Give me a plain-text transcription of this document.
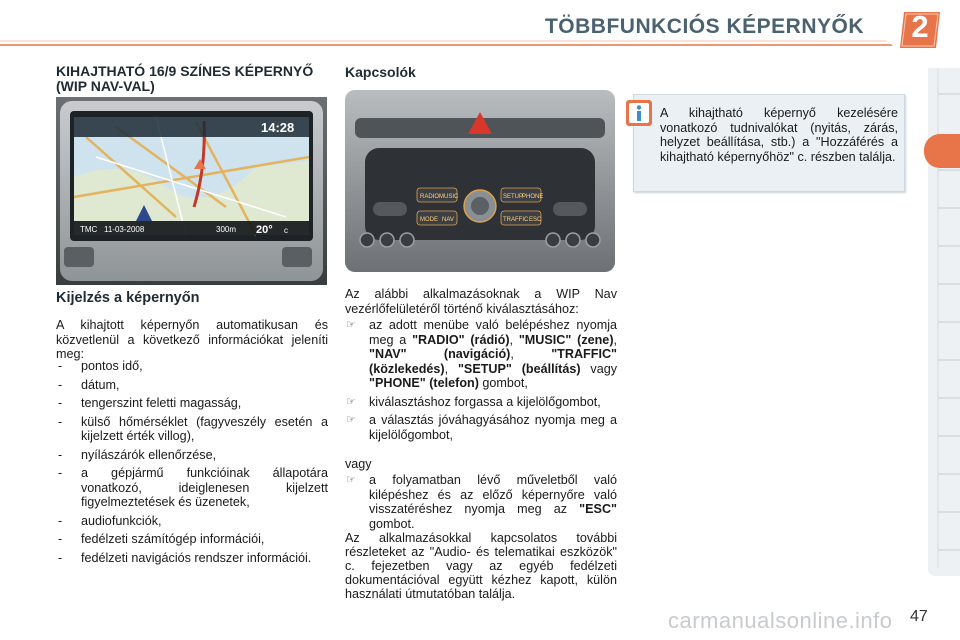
TÖBBFUNKCIÓS KÉPERNYŐK 2
KIHAJTHATÓ 16/9 SZÍNES KÉPERNYŐ (WIP NAV-VAL)
14:28
TMC 11-03-2008	300m 20° c
Kijelzés a képernyőn
A kihajtott képernyőn automatikusan és közvetlenül a következő információkat jeleníti meg:
- pontos idő,
- dátum,
- tengerszint feletti magasság,
- külső hőmérséklet (fagyveszély esetén a kijelzett érték villog),
- nyílászárók ellenőrzése,
- a gépjármű funkcióinak állapotára vonatkozó, ideiglenesen kijelzett figyelmeztetések és üzenetek,
- audiofunkciók,
- fedélzeti számítógép információi,
- fedélzeti navigációs rendszer információi.
Kapcsolók
RADIO MUSIC	SETUP
PHONE
MODE NAV	TRAFFIC ESC
Az alábbi alkalmazásoknak a WIP Nav vezérlőfelületéről történő kiválasztásához:
☞ az adott menübe való belépéshez nyomja meg a "RADIO" (rádió), "MUSIC" (zene), "NAV" (navigáció), "TRAFFIC" (közlekedés), "SETUP" (beállítás) vagy "PHONE" (telefon) gombot,
☞ kiválasztáshoz forgassa a kijelölőgombot,
☞ a választás jóváhagyásához nyomja meg a kijelölőgombot,
vagy
☞ a folyamatban lévő műveletből való kilépéshez és az előző képernyőre való visszatéréshez nyomja meg az "ESC" gombot.
Az alkalmazásokkal kapcsolatos további részleteket az "Audio- és telematikai eszközök" c. fejezetben vagy az egyéb fedélzeti dokumentációval együtt kézhez kapott, külön használati útmutatóban találja.
A kihajtható képernyő kezelésére vonatkozó tudnivalókat (nyitás, zárás, helyzet beállítása, stb.) a "Hozzáférés a kihajtható képernyőhöz" c. részben találja.
carmanualsonline.info 47
